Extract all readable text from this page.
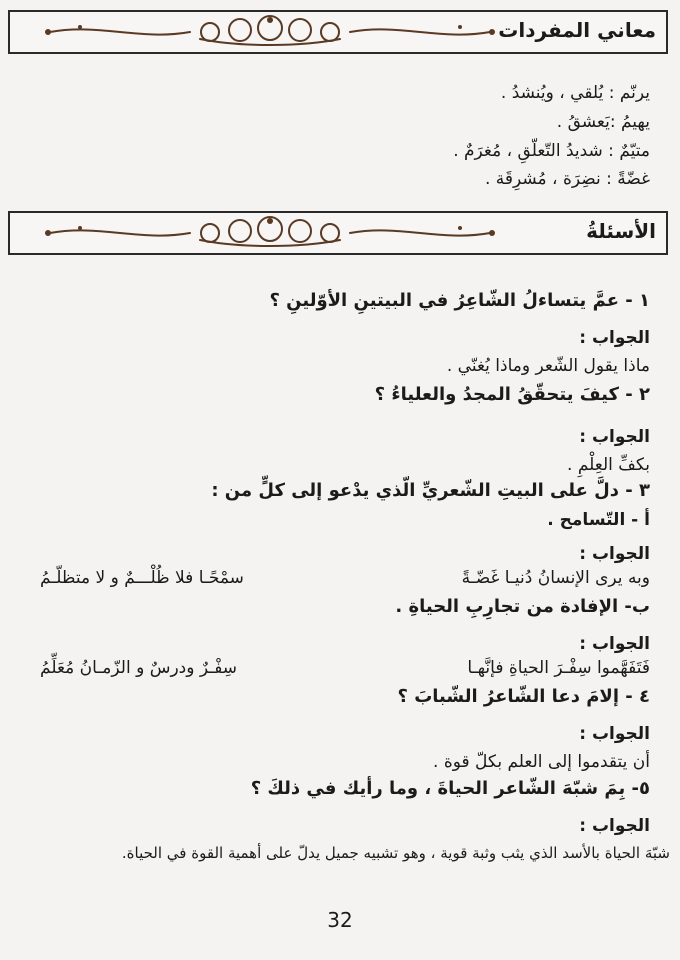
معاني المفردات
يرنّم : يُلقي ، ويُنشدُ .
يهيمُ :يَعشقُ .
متيّمٌ : شديدُ التّعلّقِ ، مُغرَمٌ .
غضّةً : نضِرَة ، مُشرِقَة .
الأسئلةُ
١ - عمَّ يتساءلُ الشّاعِرُ في البيتينِ الأوّلينِ ؟
الجواب :
ماذا يقول الشّعر وماذا يُغنّي .
٢ - كيفَ يتحقّقُ المجدُ والعلياءُ ؟
الجواب :
بكفِّ العِلْمِ .
٣ - دلَّ على البيتِ الشّعريِّ الّذي يدْعو إلى كلٍّ من :
أ - التّسامح .
الجواب :
وبه يرى الإنسانُ دُنيـا غَضّـةً
سمْحًـا فلا ظُلْـــمٌ و لا متظلّـمُ
ب- الإفادة من تجارِبِ الحياةِ .
الجواب :
فَتَفَهَّموا سِفْـرَ الحياةِ فإنَّهـا
سِفْـرٌ ودرسٌ و الزّمـانُ مُعَلِّمُ
٤ - إلامَ دعا الشّاعرُ الشّبابَ ؟
الجواب :
أن يتقدموا إلى العلم بكلّ قوة .
٥- بِمَ شبّهَ الشّاعر الحياةَ ، وما رأيك في ذلكَ ؟
الجواب :
شبّهَ الحياة بالأسد الذي يثب وثبة قوية ، وهو تشبيه جميل يدلّ على أهمية القوة في الحياة.
32
